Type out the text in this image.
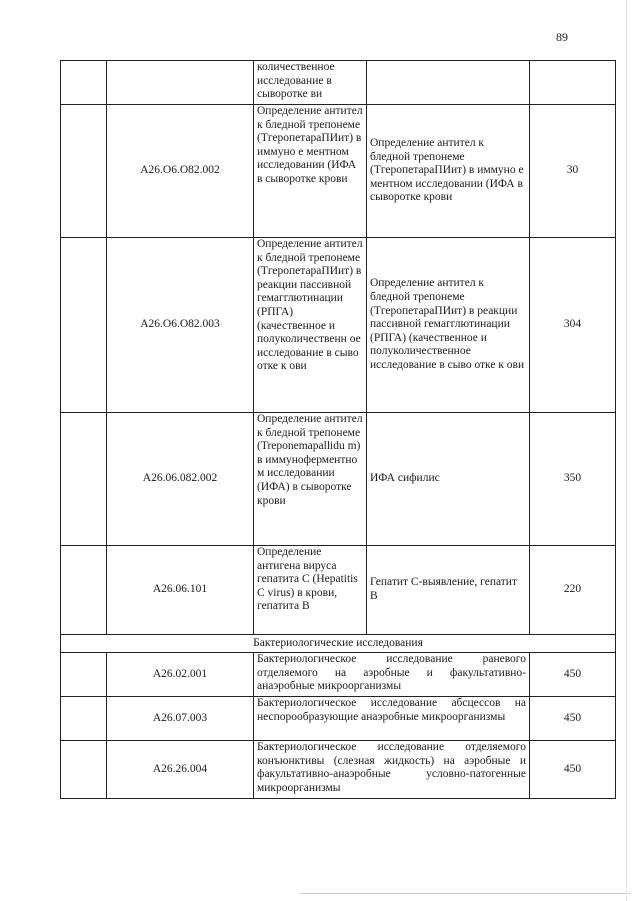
89
		количественное исследование в сыворотке ви		
	A26.O6.O82.002	Определение антител к бледной трепонеме (TгеропетараПИит) в иммуно е ментном исследовании (ИФА в сыворотке крови	Определение антител к бледной трепонеме (TгеропетараПИит) в иммуно е ментном исследовании (ИФА в сыворотке крови	30
	A26.O6.O82.003	Определение антител к бледной трепонеме (TгеропетараПИит) в реакции пассивной гемагглютинации (РПГА) (качественное и полуколичественн ое исследование в сыво отке к ови	Определение антител к бледной трепонеме (TгеропетараПИит) в реакции пассивной гемагглютинации (РПГА) (качественное и полуколичественное исследование в сыво отке к ови	304
	A26.06.082.002	Определение антител к бледной трепонеме (Treponemapallidu m) в иммуноферментно м исследовании (ИФА) в сыворотке крови	ИФА сифилис	350
	A26.06.101	Определение антигена вируса гепатита С (Hepatitis С virus) в крови, гепатита В	Гепатит С-выявление, гепатит В	220
Бактериологические исследования				
	A26.02.001	Бактериологическое исследование раневого отделяемого на аэробные и факультативно-анаэробные микроорганизмы		450
	A26.07.003	Бактериологическое исследование абсцессов на неспорообразующие анаэробные микроорганизмы		450
	A26.26.004	Бактериологическое исследование отделяемого конъюнктивы (слезная жидкость) на аэробные и факультативно-анаэробные условно-патогенные микроорганизмы		450
